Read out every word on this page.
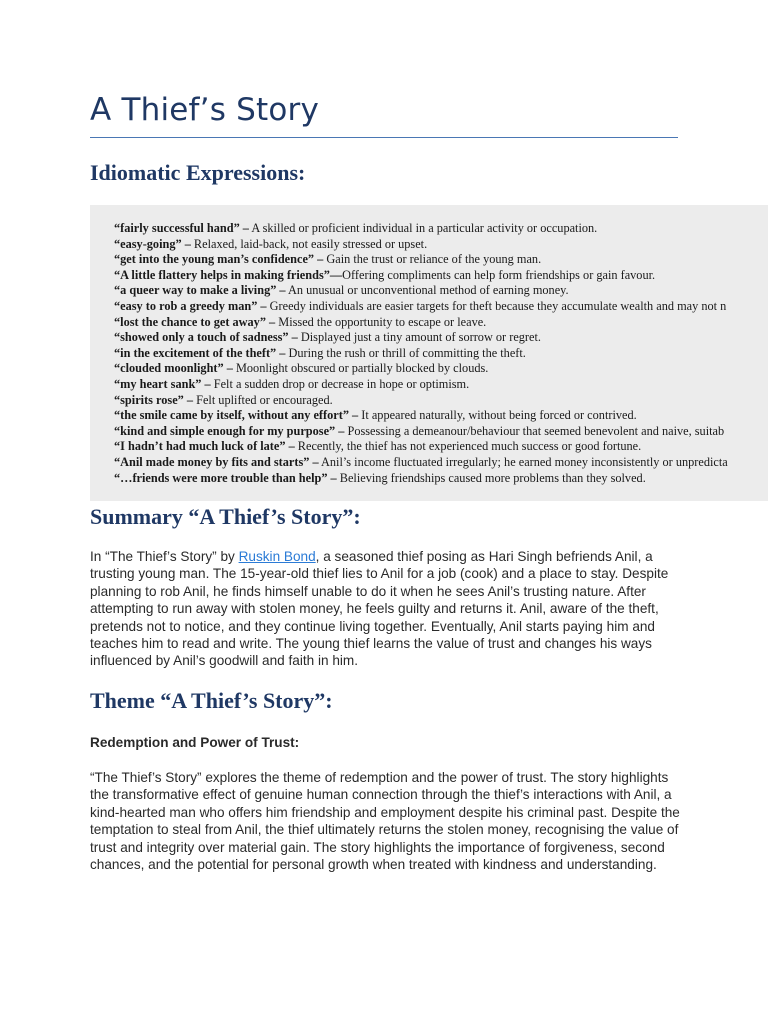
A Thief’s Story
Idiomatic Expressions:
“fairly successful hand” – A skilled or proficient individual in a particular activity or occupation.
“easy-going” – Relaxed, laid-back, not easily stressed or upset.
“get into the young man’s confidence” – Gain the trust or reliance of the young man.
“A little flattery helps in making friends”—Offering compliments can help form friendships or gain favour.
“a queer way to make a living” – An unusual or unconventional method of earning money.
“easy to rob a greedy man” – Greedy individuals are easier targets for theft because they accumulate wealth and may not n
“lost the chance to get away” – Missed the opportunity to escape or leave.
“showed only a touch of sadness” – Displayed just a tiny amount of sorrow or regret.
“in the excitement of the theft” – During the rush or thrill of committing the theft.
“clouded moonlight” – Moonlight obscured or partially blocked by clouds.
“my heart sank” – Felt a sudden drop or decrease in hope or optimism.
“spirits rose” – Felt uplifted or encouraged.
“the smile came by itself, without any effort” – It appeared naturally, without being forced or contrived.
“kind and simple enough for my purpose” – Possessing a demeanour/behaviour that seemed benevolent and naive, suitab
“I hadn’t had much luck of late” – Recently, the thief has not experienced much success or good fortune.
“Anil made money by fits and starts” – Anil’s income fluctuated irregularly; he earned money inconsistently or unpredicta
“…friends were more trouble than help” – Believing friendships caused more problems than they solved.
Summary “A Thief’s Story”:

In “The Thief’s Story” by Ruskin Bond, a seasoned thief posing as Hari Singh befriends Anil, a trusting young man. The 15-year-old thief lies to Anil for a job (cook) and a place to stay. Despite planning to rob Anil, he finds himself unable to do it when he sees Anil’s trusting nature. After attempting to run away with stolen money, he feels guilty and returns it. Anil, aware of the theft, pretends not to notice, and they continue living together. Eventually, Anil starts paying him and teaches him to read and write. The young thief learns the value of trust and changes his ways influenced by Anil’s goodwill and faith in him.

Theme “A Thief’s Story”:

Redemption and Power of Trust:

“The Thief’s Story” explores the theme of redemption and the power of trust. The story highlights the transformative effect of genuine human connection through the thief’s interactions with Anil, a kind-hearted man who offers him friendship and employment despite his criminal past. Despite the temptation to steal from Anil, the thief ultimately returns the stolen money, recognising the value of trust and integrity over material gain. The story highlights the importance of forgiveness, second chances, and the potential for personal growth when treated with kindness and understanding.
